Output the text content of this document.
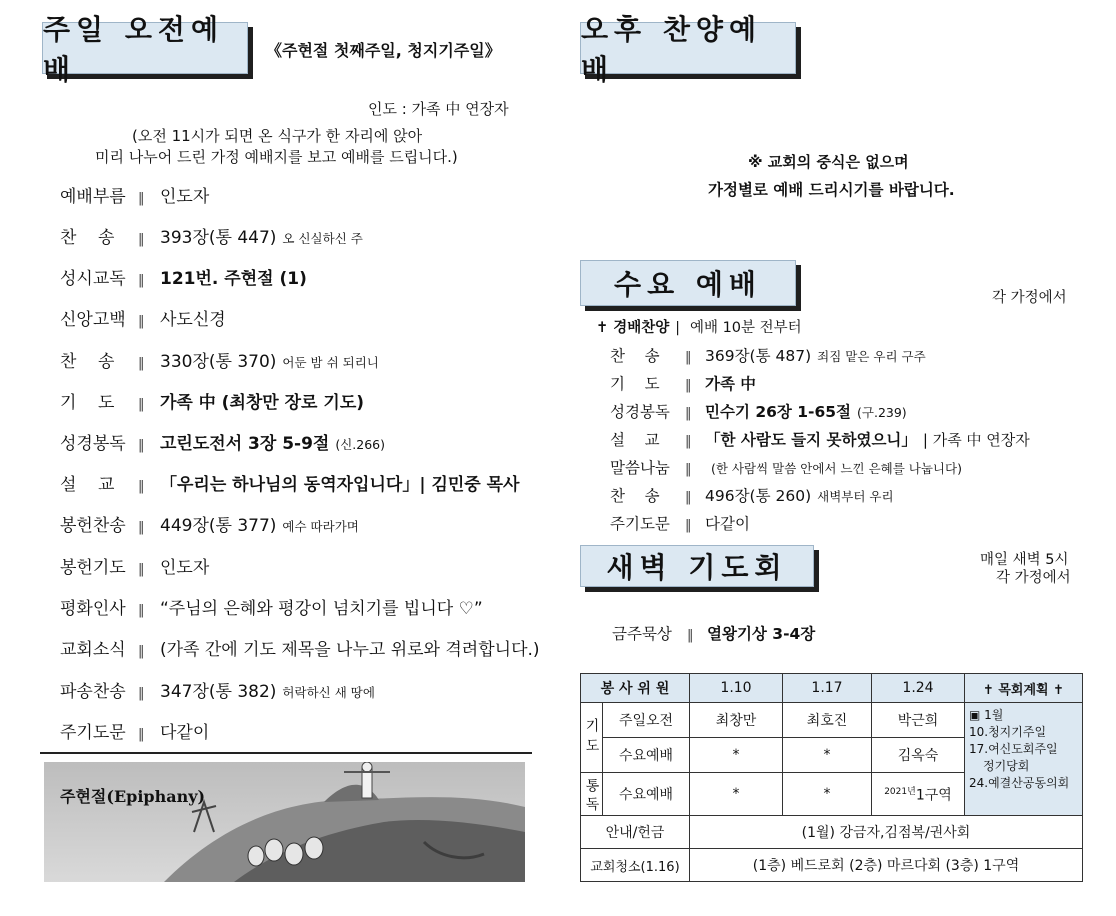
주일 오전예배
《주현절 첫째주일, 청지기주일》
인도 : 가족 中 연장자
(오전 11시가 되면 온 식구가 한 자리에 앉아
미리 나누어 드린 가정 예배지를 보고 예배를 드립니다.)
예배부름 ‖ 인도자
찬    송	‖ 393장(통 447) 오 신실하신 주
성시교독 ‖ 121번. 주현절 (1)
신앙고백 ‖ 사도신경
찬    송	‖ 330장(통 370) 어둔 밤 쉬 되리니
기    도	‖ 가족 中 (최창만 장로 기도)
성경봉독 ‖ 고린도전서 3장 5-9절 (신.266)
설    교	‖ 「우리는 하나님의 동역자입니다」| 김민중 목사
봉헌찬송 ‖ 449장(통 377) 예수 따라가며
봉헌기도 ‖ 인도자
평화인사 ‖ “주님의 은혜와 평강이 넘치기를 빕니다 ♡”
교회소식 ‖ (가족 간에 기도 제목을 나누고 위로와 격려합니다.)
파송찬송 ‖ 347장(통 382) 허락하신 새 땅에
주기도문 ‖ 다같이
주현절(Epiphany)
오후 찬양예배
※ 교회의 중식은 없으며
가정별로 예배 드리시기를 바랍니다.
수요 예배	각 가정에서
✝ 경배찬양 | 예배 10분 전부터
찬    송	‖ 369장(통 487) 죄짐 맡은 우리 구주
기    도	‖ 가족 中
성경봉독	‖ 민수기 26장 1-65절 (구.239)
설    교	‖ 「한 사람도 들지 못하였으니」 | 가족 中 연장자
말씀나눔	‖	(한 사람씩 말씀 안에서 느낀 은혜를 나눕니다)
찬    송	‖ 496장(통 260) 새벽부터 우리
주기도문	‖ 다같이
새벽 기도회	매일 새벽 5시
각 가정에서
금주묵상	‖ 열왕기상 3-4장
봉 사 위 원		1.10	1.17	1.24	✝ 목회계획 ✝
기도	주일오전	최창만	최호진	박근희	▣ 1월
10.청지기주일
17.여신도회주일
정기당회
24.예결산공동의회

	수요예배	*	*	김옥숙	
통 독	수요예배	*	*	$^{2021년}$1구역	
안내/헌금		(1월) 강금자,김점복/권사회			
교회청소(1.16)		(1층) 베드로회 (2층) 마르다회 (3층) 1구역			
